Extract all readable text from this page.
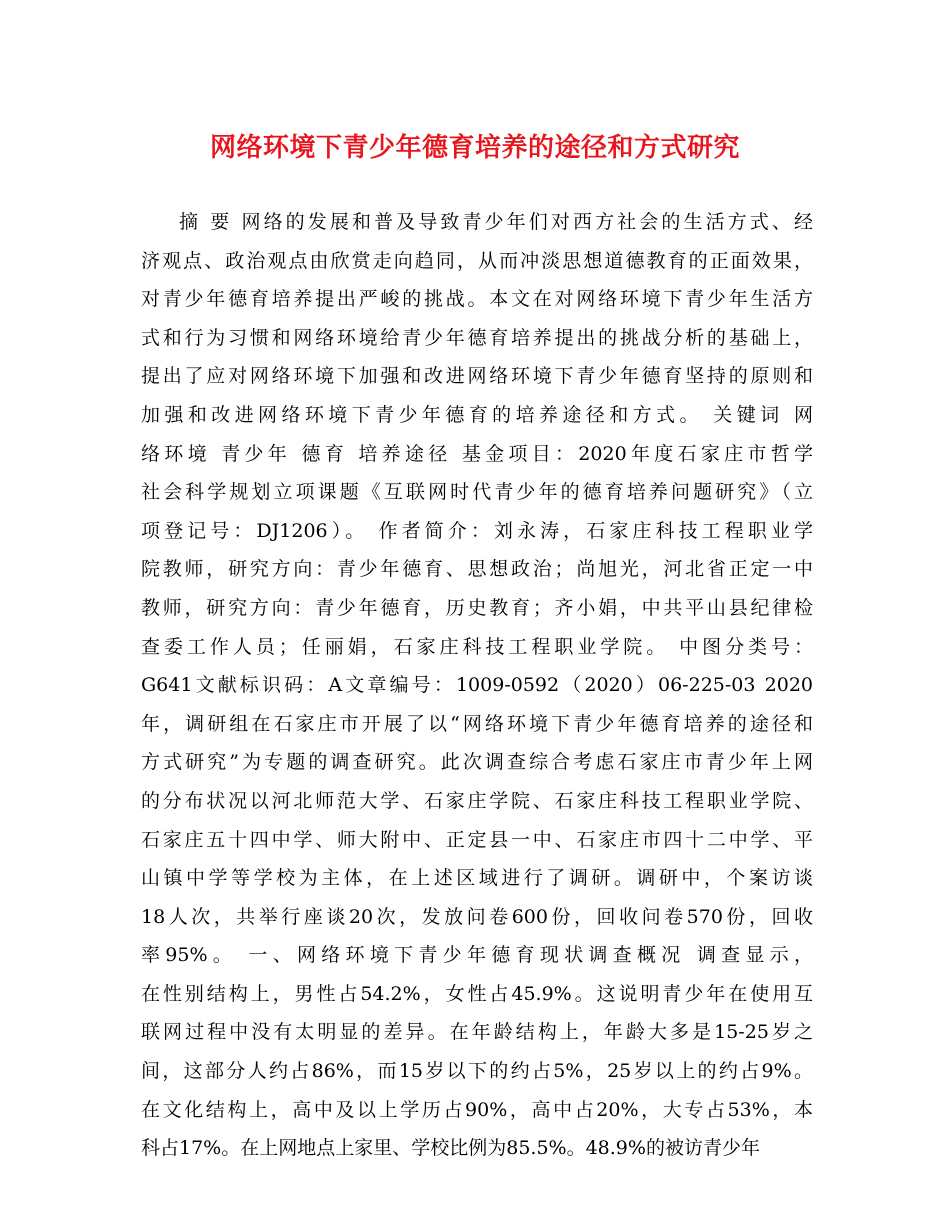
网络环境下青少年德育培养的途径和方式研究
摘 要 网络的发展和普及导致青少年们对西方社会的生活方式、经
济观点、政治观点由欣赏走向趋同，从而冲淡思想道德教育的正面效果，
对青少年德育培养提出严峻的挑战。本文在对网络环境下青少年生活方
式和行为习惯和网络环境给青少年德育培养提出的挑战分析的基础上，
提出了应对网络环境下加强和改进网络环境下青少年德育坚持的原则和
加强和改进网络环境下青少年德育的培养途径和方式。 关键词 网
络环境 青少年 德育 培养途径 基金项目：2020年度石家庄市哲学
社会科学规划立项课题《互联网时代青少年的德育培养问题研究》（立
项登记号：DJ1206）。 作者简介：刘永涛，石家庄科技工程职业学
院教师，研究方向：青少年德育、思想政治；尚旭光，河北省正定一中
教师，研究方向：青少年德育，历史教育；齐小娟，中共平山县纪律检
查委工作人员；任丽娟，石家庄科技工程职业学院。 中图分类号：
G641文献标识码：A文章编号：1009-0592（2020）06-225-03 2020
年，调研组在石家庄市开展了以“网络环境下青少年德育培养的途径和
方式研究”为专题的调查研究。此次调查综合考虑石家庄市青少年上网
的分布状况以河北师范大学、石家庄学院、石家庄科技工程职业学院、
石家庄五十四中学、师大附中、正定县一中、石家庄市四十二中学、平
山镇中学等学校为主体，在上述区域进行了调研。调研中，个案访谈
18人次，共举行座谈20次，发放问卷600份，回收问卷570份，回收
率95%。 一、网络环境下青少年德育现状调查概况 调查显示，
在性别结构上，男性占54.2%，女性占45.9%。这说明青少年在使用互
联网过程中没有太明显的差异。在年龄结构上，年龄大多是15-25岁之
间，这部分人约占86%，而15岁以下的约占5%，25岁以上的约占9%。
在文化结构上，高中及以上学历占90%，高中占20%，大专占53%，本
科占17%。在上网地点上家里、学校比例为85.5%。48.9%的被访青少年
